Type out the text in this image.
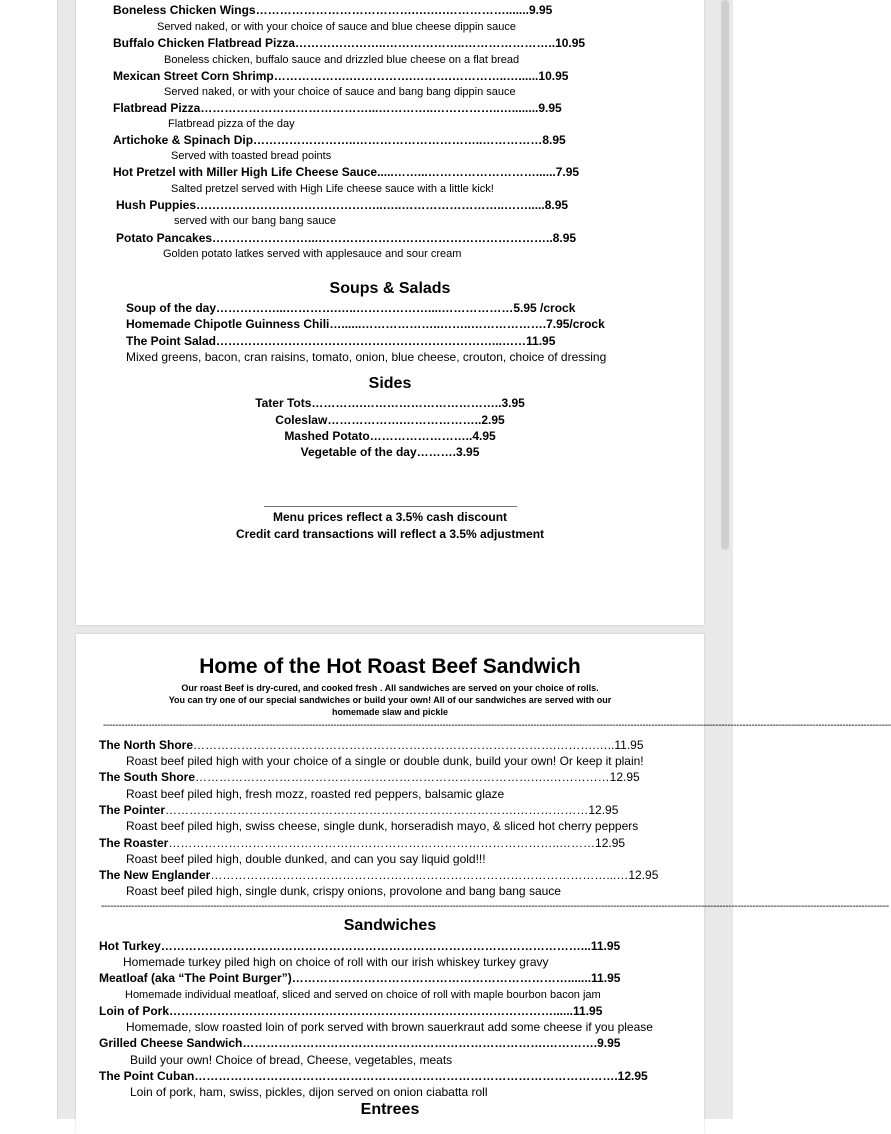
Boneless Chicken Wings………………………………….….….…………….......9.95
Served naked, or with your choice of sauce and blue cheese dippin sauce
Buffalo Chicken Flatbread Pizza…………………..………………..…………………..10.95
Boneless chicken, buffalo sauce and drizzled blue cheese on a flat bread
Mexican Street Corn Shrimp……………….…………….……….…………..…......10.95
Served naked, or with your choice of sauce and bang bang dippin sauce
Flatbread Pizza……………………………………...…………..……………..…........9.95
Flatbread pizza of the day
Artichoke & Spinach Dip……………………..…………………………..……………8.95
Served with toasted bread points
Hot Pretzel with Miller High Life Cheese Sauce.....……...………………………......7.95
Salted pretzel served with High Life cheese sauce with a little kick!
Hush Puppies………………………………………..…..……………………..…….....8.95
served with our bang bang sauce
Potato Pancakes……………………...…………………………………………………..8.95
Golden potato latkes served with applesauce and sour cream
Soups & Salads
Soup of the day……………...………….…..………………....………………5.95 /crock
Homemade Chipotle Guinness Chili…......………………..……..……………….7.95/crock
The Point Salad……………………………………………………………...……11.95
Mixed greens, bacon, cran raisins, tomato, onion, blue cheese, crouton, choice of dressing
Sides
Tater Tots………….……………………………..3.95
Coleslaw……………….………………..2.95
Mashed Potato……………………..4.95
Vegetable of the day……….3.95
Menu prices reflect a 3.5% cash discount
Credit card transactions will reflect a 3.5% adjustment
Home of the Hot Roast Beef Sandwich
Our roast Beef is dry-cured, and cooked fresh . All sandwiches are served on your choice of rolls.
You can try one of our special sandwiches or build your own! All of our sandwiches are served with our
homemade slaw and pickle
--------------------------------------------------------------------------------------------------------------------------------------------------------------------------------------------------------------------------------------------------------------------
The North Shore……………………………………………………………………………….……….…..11.95
Roast beef piled high with your choice of a single or double dunk, build your own! Or keep it plain!
The South Shore………………………………………………………………………….….……………12.95
Roast beef piled high, fresh mozz, roasted red peppers, balsamic glaze
The Pointer…………………………………………………………………………….………………12.95
Roast beef piled high, swiss cheese, single dunk, horseradish mayo, & sliced hot cherry peppers
The Roaster……………………………………………………………………………………..………12.95
Roast beef piled high, double dunked, and can you say liquid gold!!!
The New Englander………………………………………………………………………………………...…12.95
Roast beef piled high, single dunk, crispy onions, provolone and bang bang sauce
--------------------------------------------------------------------------------------------------------------------------------------------------------------------------------------------------------------------------------------------------------------------
Sandwiches
Hot Turkey……………………………………………………………………………………………...11.95
Homemade turkey piled high on choice of roll with our irish whiskey turkey gravy
Meatloaf (aka “The Point Burger”)…………………………………………………………….......11.95
Homemade individual meatloaf, sliced and served on choice of roll with maple bourbon bacon jam
Loin of Pork……………………………………………………………………………………......11.95
Homemade, slow roasted loin of pork served with brown sauerkraut add some cheese if you please
Grilled Cheese Sandwich………………………………………………………………….………….9.95
Build your own! Choice of bread, Cheese, vegetables, meats
The Point Cuban…………………………………………………………………………………………….12.95
Loin of pork, ham, swiss, pickles, dijon served on onion ciabatta roll
Entrees
